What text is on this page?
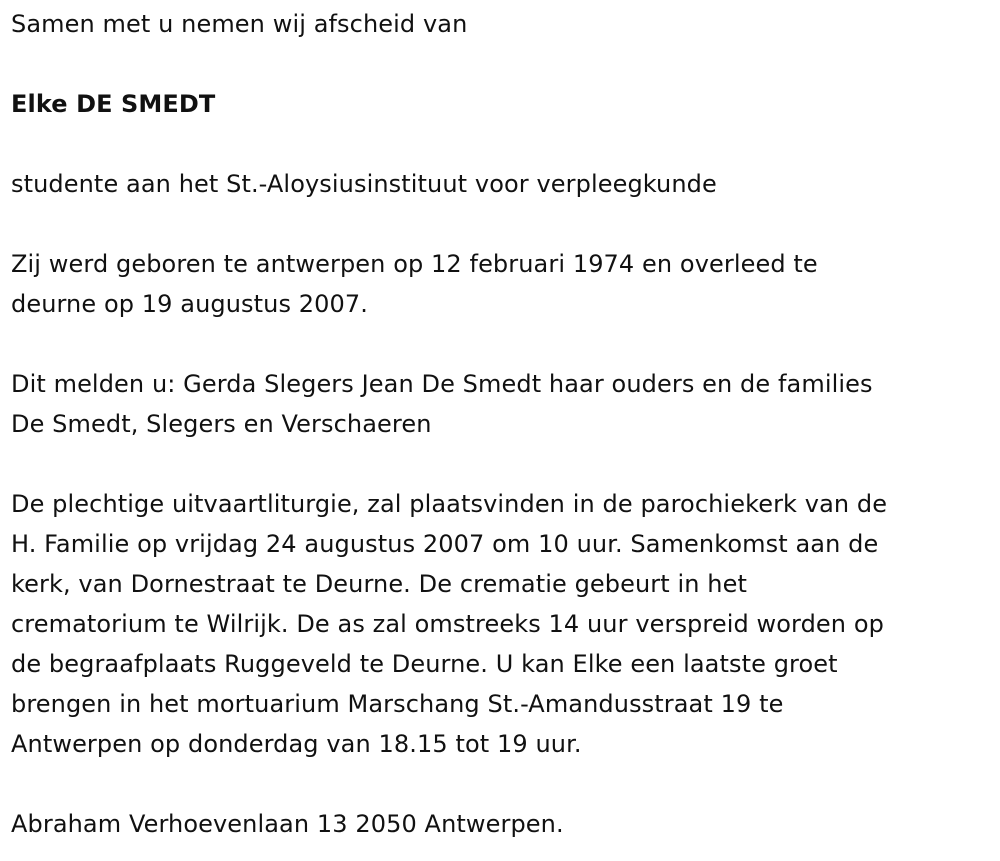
Samen met u nemen wij afscheid van
Elke DE SMEDT
studente aan het St.-Aloysiusinstituut voor verpleegkunde
Zij werd geboren te antwerpen op 12 februari 1974 en overleed te
deurne op 19 augustus 2007.
Dit melden u: Gerda Slegers Jean De Smedt haar ouders en de families
De Smedt, Slegers en Verschaeren
De plechtige uitvaartliturgie, zal plaatsvinden in de parochiekerk van de
H. Familie op vrijdag 24 augustus 2007 om 10 uur. Samenkomst aan de
kerk, van Dornestraat te Deurne. De crematie gebeurt in het
crematorium te Wilrijk. De as zal omstreeks 14 uur verspreid worden op
de begraafplaats Ruggeveld te Deurne. U kan Elke een laatste groet
brengen in het mortuarium Marschang St.-Amandusstraat 19 te
Antwerpen op donderdag van 18.15 tot 19 uur.
Abraham Verhoevenlaan 13 2050 Antwerpen.
